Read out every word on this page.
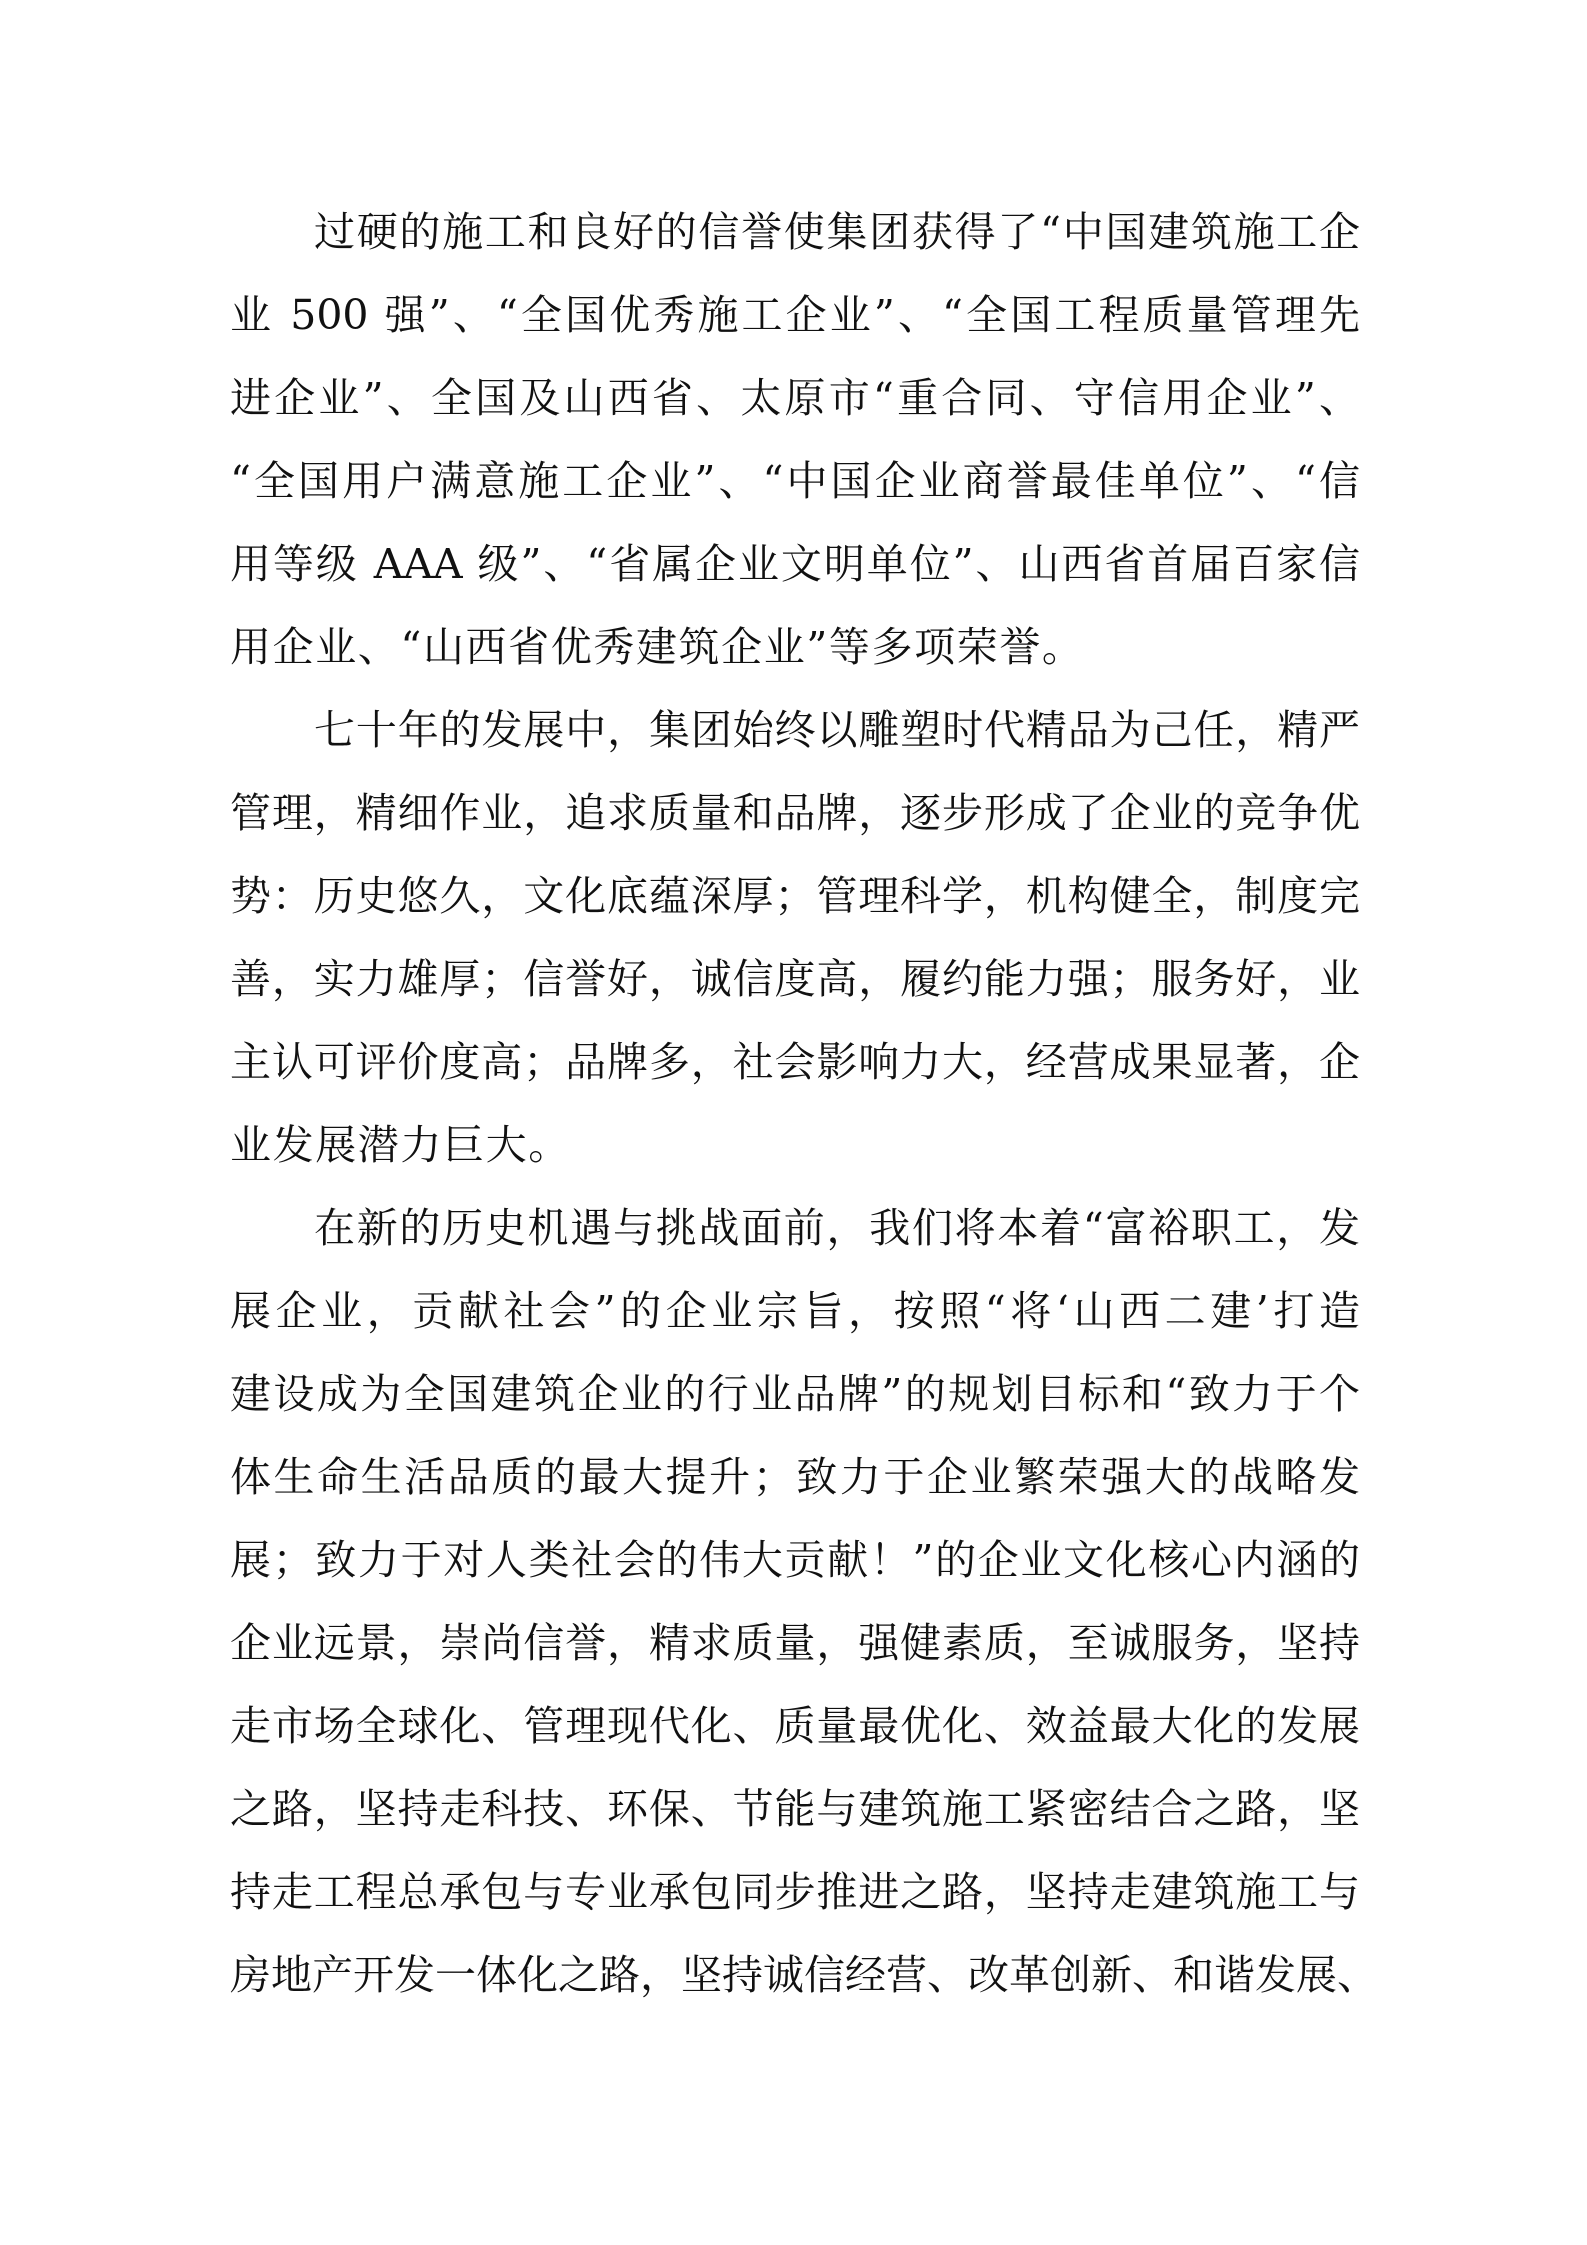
过硬的施工和良好的信誉使集团获得了“中国建筑施工企
业 500 强”、“全国优秀施工企业”、“全国工程质量管理先
进企业”、全国及山西省、太原市“重合同、守信用企业”、
“全国用户满意施工企业”、“中国企业商誉最佳单位”、“信
用等级 AAA 级”、“省属企业文明单位”、山西省首届百家信
用企业、“山西省优秀建筑企业”等多项荣誉。
七十年的发展中，集团始终以雕塑时代精品为己任，精严
管理，精细作业，追求质量和品牌，逐步形成了企业的竞争优
势：历史悠久，文化底蕴深厚；管理科学，机构健全，制度完
善，实力雄厚；信誉好，诚信度高，履约能力强；服务好，业
主认可评价度高；品牌多，社会影响力大，经营成果显著，企
业发展潜力巨大。
在新的历史机遇与挑战面前，我们将本着“富裕职工，发
展企业，贡献社会”的企业宗旨，按照“将‘山西二建’打造
建设成为全国建筑企业的行业品牌”的规划目标和“致力于个
体生命生活品质的最大提升；致力于企业繁荣强大的战略发
展；致力于对人类社会的伟大贡献！”的企业文化核心内涵的
企业远景，崇尚信誉，精求质量，强健素质，至诚服务，坚持
走市场全球化、管理现代化、质量最优化、效益最大化的发展
之路，坚持走科技、环保、节能与建筑施工紧密结合之路，坚
持走工程总承包与专业承包同步推进之路，坚持走建筑施工与
房地产开发一体化之路，坚持诚信经营、改革创新、和谐发展、
